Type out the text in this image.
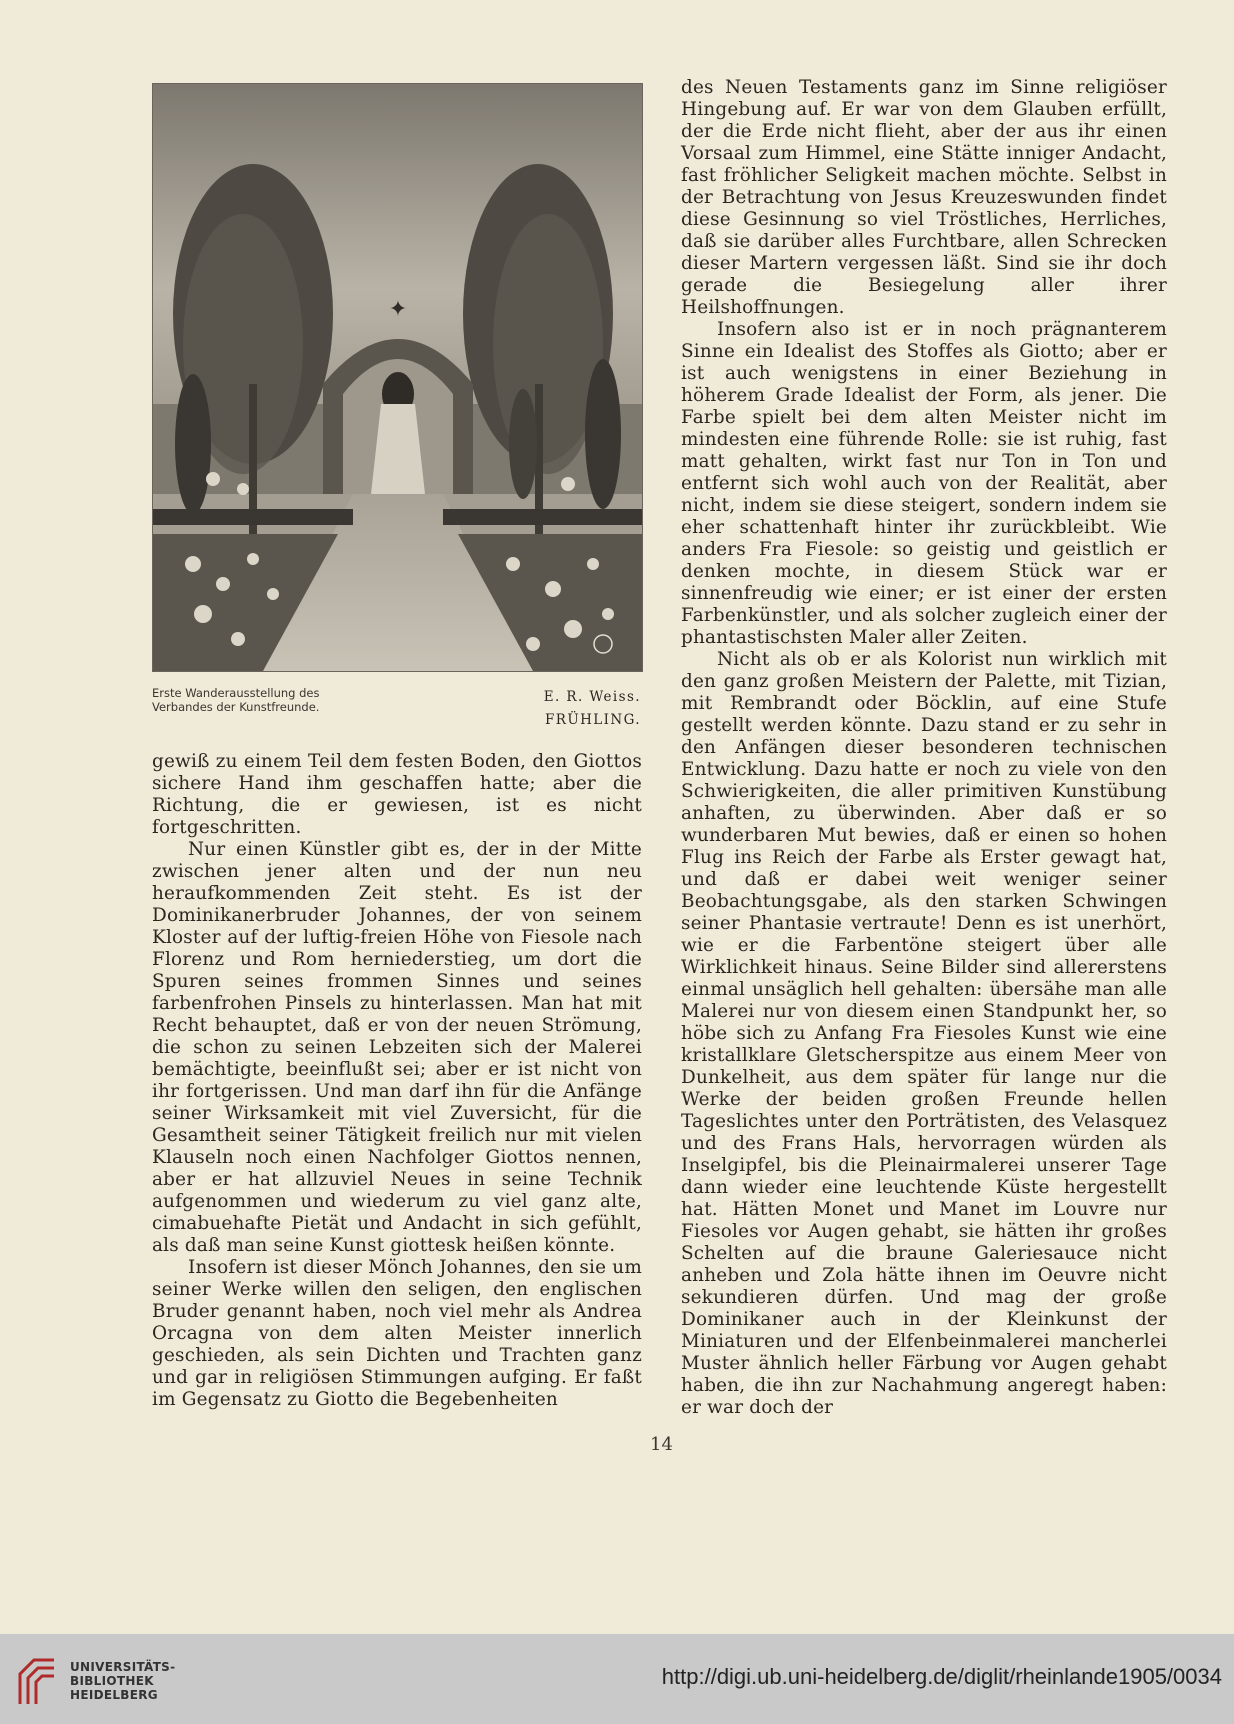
✦
Erste Wanderausstellung des
Verbandes der Kunstfreunde.
E. R. Weiss.
FRÜHLING.

gewiß zu einem Teil dem festen Boden, den Giottos sichere Hand ihm geschaffen hatte; aber die Richtung, die er gewiesen, ist es nicht fortgeschritten.

Nur einen Künstler gibt es, der in der Mitte zwischen jener alten und der nun neu heraufkommenden Zeit steht. Es ist der Dominikanerbruder Johannes, der von seinem Kloster auf der luftig-freien Höhe von Fiesole nach Florenz und Rom herniederstieg, um dort die Spuren seines frommen Sinnes und seines farbenfrohen Pinsels zu hinterlassen. Man hat mit Recht behauptet, daß er von der neuen Strömung, die schon zu seinen Lebzeiten sich der Malerei bemächtigte, beeinflußt sei; aber er ist nicht von ihr fortgerissen. Und man darf ihn für die Anfänge seiner Wirksamkeit mit viel Zuversicht, für die Gesamtheit seiner Tätigkeit freilich nur mit vielen Klauseln noch einen Nachfolger Giottos nennen, aber er hat allzuviel Neues in seine Technik aufgenommen und wiederum zu viel ganz alte, cimabuehafte Pietät und Andacht in sich gefühlt, als daß man seine Kunst giottesk heißen könnte.

Insofern ist dieser Mönch Johannes, den sie um seiner Werke willen den seligen, den englischen Bruder genannt haben, noch viel mehr als Andrea Orcagna von dem alten Meister innerlich geschieden, als sein Dichten und Trachten ganz und gar in religiösen Stimmungen aufging. Er faßt im Gegensatz zu Giotto die Begebenheiten

des Neuen Testaments ganz im Sinne religiöser Hingebung auf. Er war von dem Glauben erfüllt, der die Erde nicht flieht, aber der aus ihr einen Vorsaal zum Himmel, eine Stätte inniger Andacht, fast fröhlicher Seligkeit machen möchte. Selbst in der Betrachtung von Jesus Kreuzeswunden findet diese Gesinnung so viel Tröstliches, Herrliches, daß sie darüber alles Furchtbare, allen Schrecken dieser Martern vergessen läßt. Sind sie ihr doch gerade die Besiegelung aller ihrer Heilshoffnungen.

Insofern also ist er in noch prägnanterem Sinne ein Idealist des Stoffes als Giotto; aber er ist auch wenigstens in einer Beziehung in höherem Grade Idealist der Form, als jener. Die Farbe spielt bei dem alten Meister nicht im mindesten eine führende Rolle: sie ist ruhig, fast matt gehalten, wirkt fast nur Ton in Ton und entfernt sich wohl auch von der Realität, aber nicht, indem sie diese steigert, sondern indem sie eher schattenhaft hinter ihr zurückbleibt. Wie anders Fra Fiesole: so geistig und geistlich er denken mochte, in diesem Stück war er sinnenfreudig wie einer; er ist einer der ersten Farbenkünstler, und als solcher zugleich einer der phantastischsten Maler aller Zeiten.

Nicht als ob er als Kolorist nun wirklich mit den ganz großen Meistern der Palette, mit Tizian, mit Rembrandt oder Böcklin, auf eine Stufe gestellt werden könnte. Dazu stand er zu sehr in den Anfängen dieser besonderen technischen Entwicklung. Dazu hatte er noch zu viele von den Schwierigkeiten, die aller primitiven Kunstübung anhaften, zu überwinden. Aber daß er so wunderbaren Mut bewies, daß er einen so hohen Flug ins Reich der Farbe als Erster gewagt hat, und daß er dabei weit weniger seiner Beobachtungsgabe, als den starken Schwingen seiner Phantasie vertraute! Denn es ist unerhört, wie er die Farbentöne steigert über alle Wirklichkeit hinaus. Seine Bilder sind allererstens einmal unsäglich hell gehalten: übersähe man alle Malerei nur von diesem einen Standpunkt her, so höbe sich zu Anfang Fra Fiesoles Kunst wie eine kristallklare Gletscherspitze aus einem Meer von Dunkelheit, aus dem später für lange nur die Werke der beiden großen Freunde hellen Tageslichtes unter den Porträtisten, des Velasquez und des Frans Hals, hervorragen würden als Inselgipfel, bis die Pleinairmalerei unserer Tage dann wieder eine leuchtende Küste hergestellt hat. Hätten Monet und Manet im Louvre nur Fiesoles vor Augen gehabt, sie hätten ihr großes Schelten auf die braune Galeriesauce nicht anheben und Zola hätte ihnen im Oeuvre nicht sekundieren dürfen. Und mag der große Dominikaner auch in der Kleinkunst der Miniaturen und der Elfenbeinmalerei mancherlei Muster ähnlich heller Färbung vor Augen gehabt haben, die ihn zur Nachahmung angeregt haben: er war doch der

14
UNIVERSITÄTS-
BIBLIOTHEK
HEIDELBERG
http://digi.ub.uni-heidelberg.de/diglit/rheinlande1905/0034
